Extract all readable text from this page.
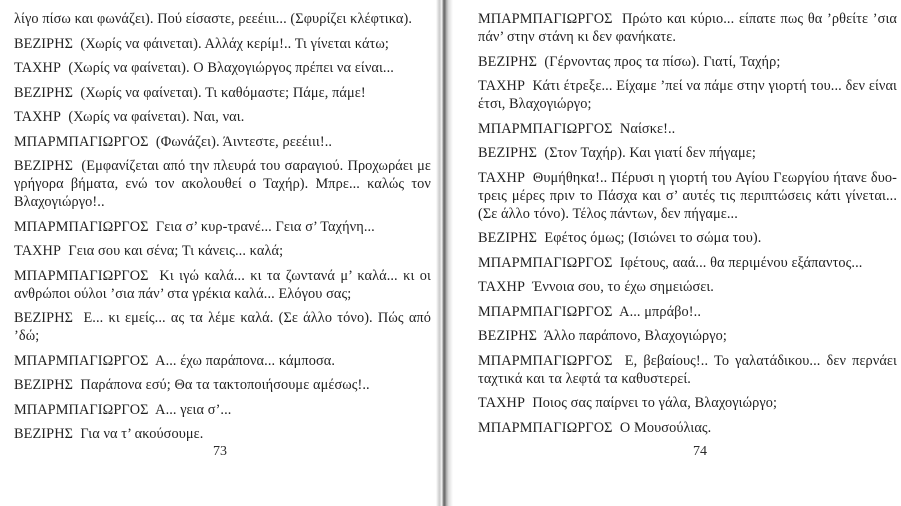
λίγο πίσω και φωνάζει). Πού είσαστε, ρεεέιιι... (Σφυρίζει κλέφτικα).

ΒΕΖΙΡΗΣ  (Χωρίς να φάινεται). Αλλάχ κερίμ!.. Τι γίνεται κάτω;

ΤΑΧΗΡ  (Χωρίς να φαίνεται). Ο Βλαχογιώργος πρέπει να είναι...

ΒΕΖΙΡΗΣ  (Χωρίς να φαίνεται). Τι καθόμαστε; Πάμε, πάμε!

ΤΑΧΗΡ  (Χωρίς να φαίνεται). Ναι, ναι.

ΜΠΑΡΜΠΑΓΙΩΡΓΟΣ  (Φωνάζει). Άιντεστε, ρεεέιιι!..

ΒΕΖΙΡΗΣ  (Εμφανίζεται από την πλευρά του σαραγιού. Προχωράει με γρήγορα βήματα, ενώ τον ακολουθεί ο Ταχήρ). Μπρε... καλώς τον Βλαχογιώργο!..

ΜΠΑΡΜΠΑΓΙΩΡΓΟΣ  Γεια σ’ κυρ-τρανέ... Γεια σ’ Ταχήνη...

ΤΑΧΗΡ  Γεια σου και σένα; Τι κάνεις... καλά;

ΜΠΑΡΜΠΑΓΙΩΡΓΟΣ  Κι ιγώ καλά... κι τα ζωντανά μ’ καλά... κι οι ανθρώποι ούλοι ’σια πάν’ στα γρέκια καλά... Ελόγου σας;

ΒΕΖΙΡΗΣ  Ε... κι εμείς... ας τα λέμε καλά. (Σε άλλο τόνο). Πώς από ’δώ;

ΜΠΑΡΜΠΑΓΙΩΡΓΟΣ  Α... έχω παράπονα... κάμποσα.

ΒΕΖΙΡΗΣ  Παράπονα εσύ; Θα τα τακτοποιήσουμε αμέσως!..

ΜΠΑΡΜΠΑΓΙΩΡΓΟΣ  Α... γεια σ’...

ΒΕΖΙΡΗΣ  Για να τ’ ακούσουμε.

73

ΜΠΑΡΜΠΑΓΙΩΡΓΟΣ  Πρώτο και κύριο... είπατε πως θα ’ρθείτε ’σια πάν’ στην στάνη κι δεν φανήκατε.

ΒΕΖΙΡΗΣ  (Γέρνοντας προς τα πίσω). Γιατί, Ταχήρ;

ΤΑΧΗΡ  Κάτι έτρεξε... Είχαμε ’πεί να πάμε στην γιορτή του... δεν είναι έτσι, Βλαχογιώργο;

ΜΠΑΡΜΠΑΓΙΩΡΓΟΣ  Ναίσκε!..

ΒΕΖΙΡΗΣ  (Στον Ταχήρ). Και γιατί δεν πήγαμε;

ΤΑΧΗΡ  Θυμήθηκα!.. Πέρυσι η γιορτή του Αγίου Γεωργίου ήτανε δυο-τρεις μέρες πριν το Πάσχα και σ’ αυτές τις περιπτώσεις κάτι γίνεται... (Σε άλλο τόνο). Τέλος πάντων, δεν πήγαμε...

ΒΕΖΙΡΗΣ  Εφέτος όμως; (Ισιώνει το σώμα του).

ΜΠΑΡΜΠΑΓΙΩΡΓΟΣ  Ιφέτους, ααά... θα περιμένου εξάπαντος...

ΤΑΧΗΡ  Έννοια σου, το έχω σημειώσει.

ΜΠΑΡΜΠΑΓΙΩΡΓΟΣ  Α... μπράβο!..

ΒΕΖΙΡΗΣ  Άλλο παράπονο, Βλαχογιώργο;

ΜΠΑΡΜΠΑΓΙΩΡΓΟΣ  Ε, βεβαίους!.. Το γαλατάδικου... δεν περνάει ταχτικά και τα λεφτά τα καθυστερεί.

ΤΑΧΗΡ  Ποιος σας παίρνει το γάλα, Βλαχογιώργο;

ΜΠΑΡΜΠΑΓΙΩΡΓΟΣ  Ο Μουσούλιας.

74
